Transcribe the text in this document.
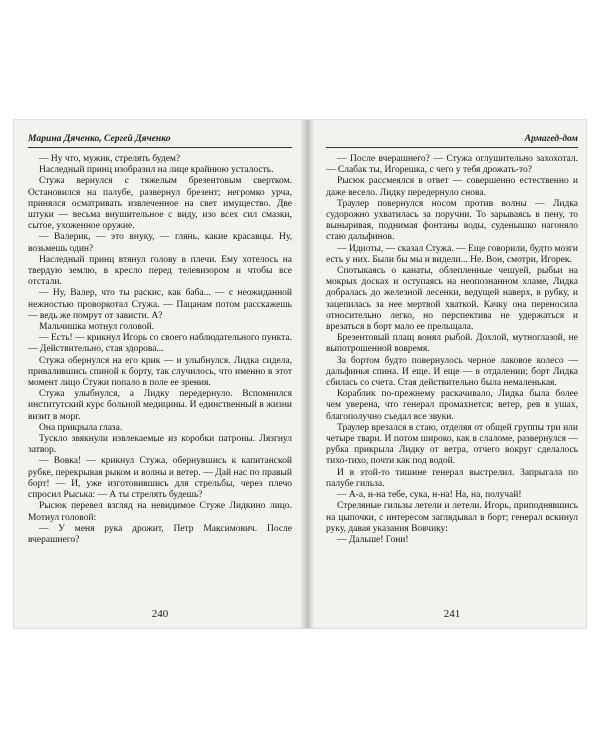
Марина Дяченко, Сергей Дяченко

— Ну что, мужик, стрелять будем?

Наследный принц изобразил на лице крайнюю усталость.

Стужа вернулся с тяжелым брезентовым свертком. Остановился на палубе, развернул брезент; негромко урча, принялся осматривать извлеченное на свет имущество. Две штуки — весьма внушительное с виду, изо всех сил смазки, сытое, ухоженное оружие.

— Валерик, — это внуку, — глянь, какие красавцы. Ну, возьмешь один?

Наследный принц втянул голову в плечи. Ему хотелось на твердую землю, в кресло перед телевизором и чтобы все отстали.

— Ну, Валер, что ты раскис, как баба... — с неожиданной нежностью проворкотал Стужа. — Пацанам потом расскажешь — ведь же помрут от зависти. А?

Мальчишка мотнул головой.

— Есть! — крикнул Игорь со своего наблюдательного пункта. — Действительно, стая здорова...

Стужа обернулся на его крик — и улыбнулся. Лидка сидела, привалившись спиной к борту, так случилось, что именно в этот момент лицо Стужи попало в поле ее зрения.

Стужа улыбнулся, а Лидку передернуло. Вспомнился институтский курс больной медицины. И единственный в жизни визит в морг.

Она прикрыла глаза.

Тускло звякнули извлекаемые из коробки патроны. Лязгнул затвор.

— Вовка! — крикнул Стужа, обернувшись к капитанской рубке, перекрывая рыком и волны и ветер. — Дай нас по правый борт! — И, уже изготовившись для стрельбы, через плечо спросил Рыськa: — А ты стрелять будешь?

Рысюк перевел взгляд на невидимое Стуже Лидкино лицо. Мотнул головой:

— У меня рука дрожит, Петр Максимович. После вчерашнего?

240
Армагед-дом

— После вчерашнего? — Стужа оглушительно захохотал. — Слабак ты, Игорешка, с чего у тебя дрожать-то?

Рысюк рассмеялся в ответ — совершенно естественно и даже весело. Лидку передернуло снова.

Траулер повернулся носом против волны — Лидка судорожно ухватилась за поручни. То зарываясь в пену, то выныривая, поднимая фонтаны воды, суденышко нагоняло стаю дальфинов.

— Идиоты, — сказал Стужа. — Еще говорили, будто мозги есть у них. Были бы мы и видели... Не. Вон, смотри, Игорек.

Спотыкаясь о канаты, облепленные чешуей, рыбьи на мокрых досках и оступаясь на неопознанном хламе, Лидка добралась до железной лесенки, ведущей наверх, в рубку, и зацепилась за нее мертвой хваткой. Качку она переносила относительно легко, но перспектива не удержаться и врезаться в борт мало ее прельщала.

Брезентовый плащ вонял рыбой. Дохлой, мутноглазой, не выпотрошенной вовремя.

За бортом будто повернулось черное лаковое колесо — дальфинья спина. И еще. И еще — в отдалении; борт Лидка сбилась со счета. Стая действительно была немаленькая.

Кораблик по-прежнему раскачивало, Лидка была более чем уверена, что генерал промахнется; ветер, рев в ушах, благополучно съедал все звуки.

Траулер врезался в стаю, отделяя от общей группы три или четыре твари. И потом широко, как в слаломе, развернулся — рубка прикрыла Лидку от ветра, отчего вокруг сделалось тихо-тихо, почти как под водой.

И в этой-то тишине генерал выстрелил. Запрыгала по палубе гильза.

— А-а, н-на тебе, сука, н-на! На, на, получай!

Стреляные гильзы летели и летели. Игорь, приподнявшись на цыпочки, с интересом заглядывал в борт; генерал вскинул руку, давая указания Вовчику:

— Дальше! Гони!

241
